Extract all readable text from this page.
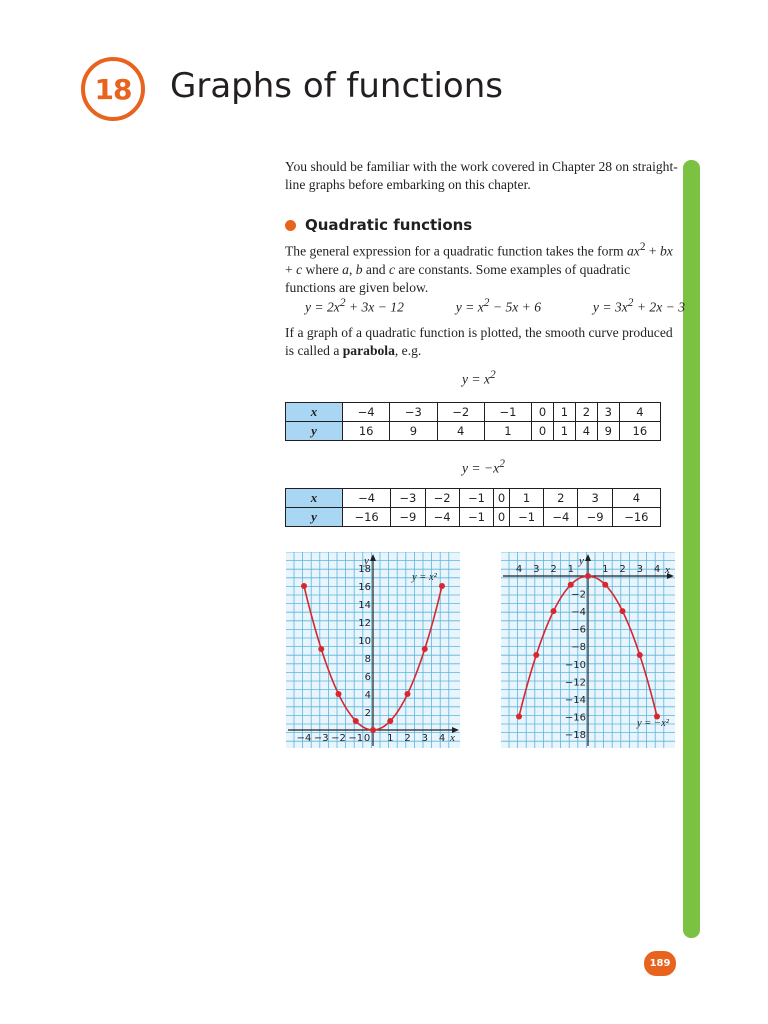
18 Graphs of functions
You should be familiar with the work covered in Chapter 28 on straight-line graphs before embarking on this chapter.
Quadratic functions
The general expression for a quadratic function takes the form $ax^2$ + bx + c where a, b and c are constants. Some examples of quadratic functions are given below.
$y = 2x^2 + 3x - 12$	$y = x^2 - 5x + 6$	$y = 3x^2 + 2x - 3$
If a graph of a quadratic function is plotted, the smooth curve produced is called a parabola, e.g.
$y = x^2$
x	−4	−3	−2	−1	0	1	2	3	4
y	16	9	4	1	0	1	4	9	16
$y = -x^2$
x	−4	−3	−2	−1	0	1	2	3	4
y	−16	−9	−4	−1	0	−1	−4	−9	−16
y
x
−4 −3 −2 −1 1 2 3 4
0
2
4
6
8
10
12
14
16
18
y = x²
y
x
4 3 2 1	1 2 3 4
−2
−4
−6
−8
−10
−12
−14
−16
−18
y = −x²
189
